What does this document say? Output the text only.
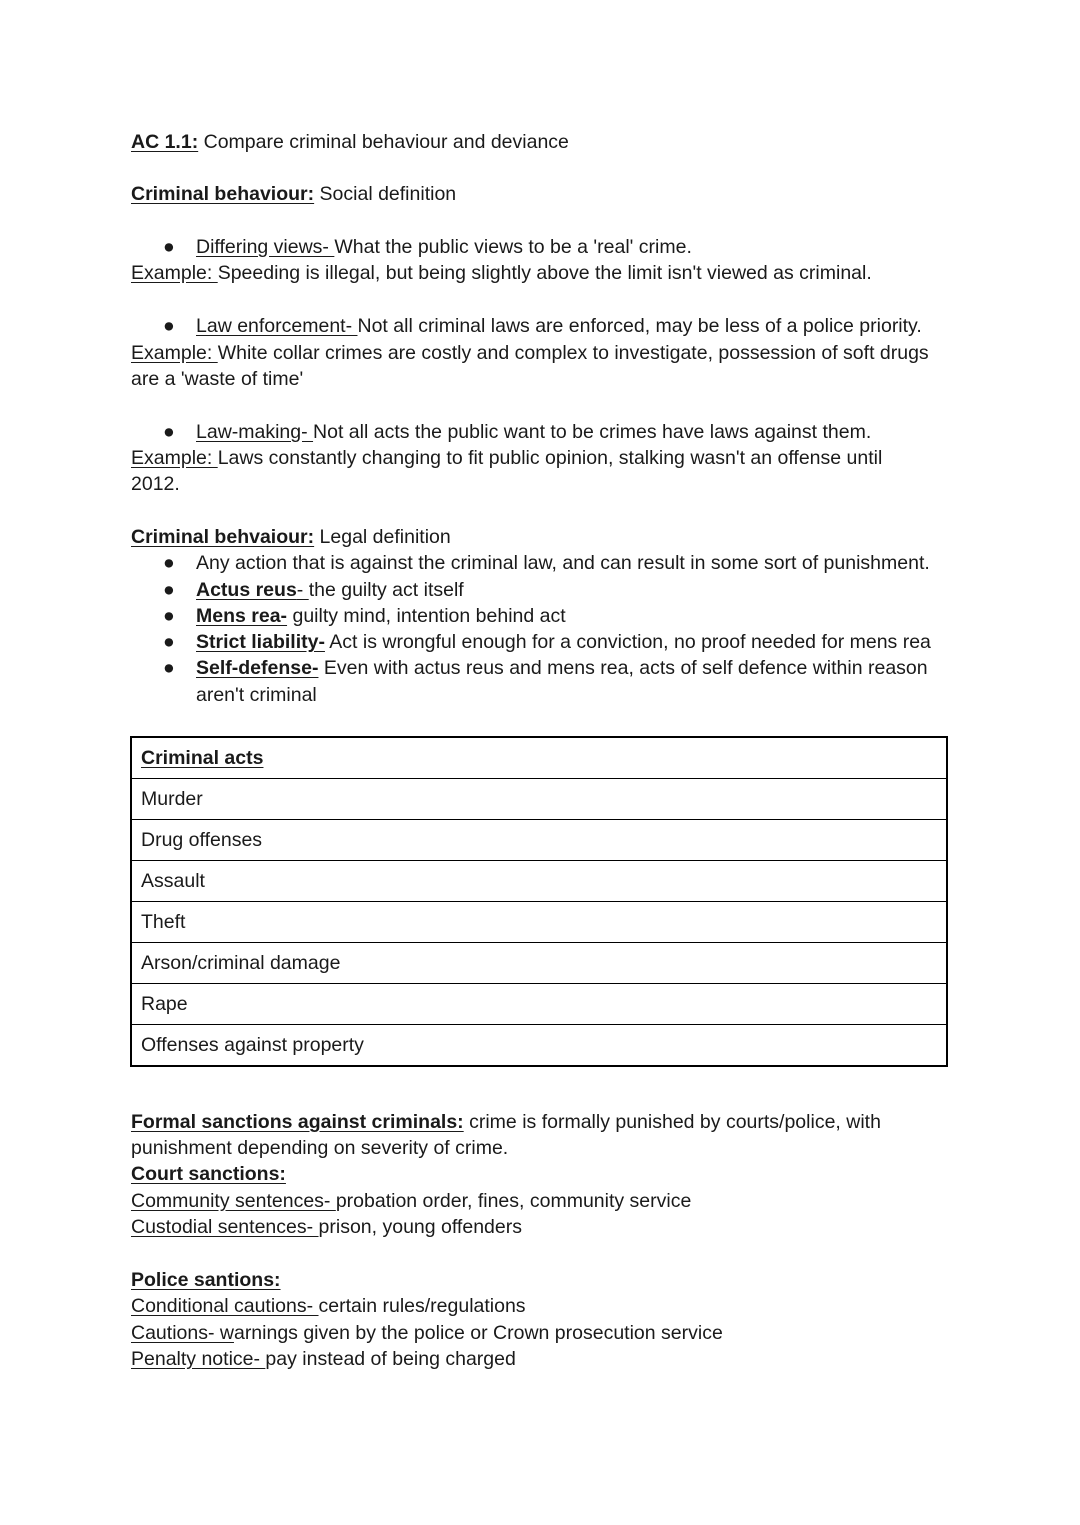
AC 1.1: Compare criminal behaviour and deviance
Criminal behaviour: Social definition
●	Differing views- What the public views to be a 'real' crime.
Example: Speeding is illegal, but being slightly above the limit isn't viewed as criminal.
●	Law enforcement- Not all criminal laws are enforced, may be less of a police priority.
Example: White collar crimes are costly and complex to investigate, possession of soft drugs
are a 'waste of time'
●	Law-making- Not all acts the public want to be crimes have laws against them.
Example: Laws constantly changing to fit public opinion, stalking wasn't an offense until
2012.
Criminal behvaiour: Legal definition
●	Any action that is against the criminal law, and can result in some sort of punishment.
●	Actus reus- the guilty act itself
●	Mens rea- guilty mind, intention behind act
●	Strict liability- Act is wrongful enough for a conviction, no proof needed for mens rea
●	Self-defense- Even with actus reus and mens rea, acts of self defence within reason
aren't criminal
Criminal acts
Murder
Drug offenses
Assault
Theft
Arson/criminal damage
Rape
Offenses against property
Formal sanctions against criminals: crime is formally punished by courts/police, with
punishment depending on severity of crime.
Court sanctions:
Community sentences- probation order, fines, community service
Custodial sentences- prison, young offenders
Police santions:
Conditional cautions- certain rules/regulations
Cautions- warnings given by the police or Crown prosecution service
Penalty notice- pay instead of being charged
